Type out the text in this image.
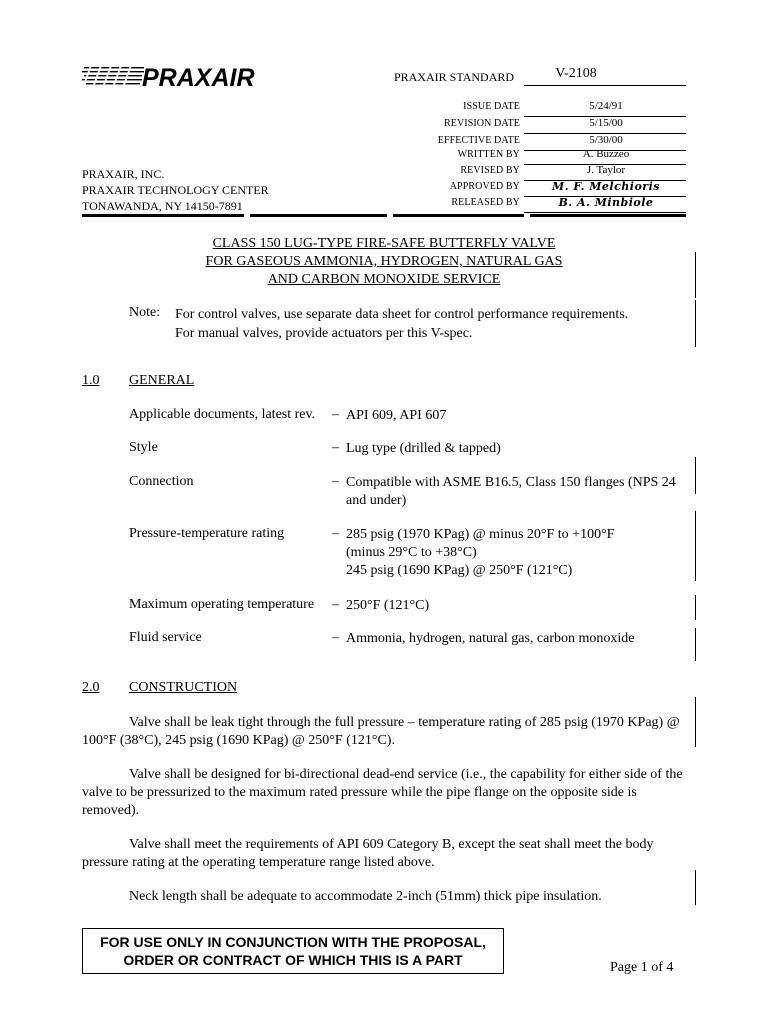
PRAXAIR	PRAXAIR STANDARD	V-2108
ISSUE DATE	5/24/91
REVISION DATE	5/15/00
EFFECTIVE DATE	5/30/00
WRITTEN BY	A. Buzzeo
REVISED BY	J. Taylor
APPROVED BY	M. F. Melchioris
RELEASED BY	B. A. Minbiole
PRAXAIR, INC.
PRAXAIR TECHNOLOGY CENTER
TONAWANDA, NY 14150-7891
CLASS 150 LUG-TYPE FIRE-SAFE BUTTERFLY VALVE
FOR GASEOUS AMMONIA, HYDROGEN, NATURAL GAS
AND CARBON MONOXIDE SERVICE
Note: For control valves, use separate data sheet for control performance requirements.
For manual valves, provide actuators per this V-spec.
1.0 GENERAL
Applicable documents, latest rev. – API 609, API 607
Style	– Lug type (drilled & tapped)
Connection	– Compatible with ASME B16.5, Class 150 flanges (NPS 24 and under)
Pressure-temperature rating	– 285 psig (1970 KPag) @ minus 20°F to +100°F
(minus 29°C to +38°C)
245 psig (1690 KPag) @ 250°F (121°C)
Maximum operating temperature – 250°F (121°C)
Fluid service	– Ammonia, hydrogen, natural gas, carbon monoxide
2.0 CONSTRUCTION
Valve shall be leak tight through the full pressure – temperature rating of 285 psig (1970 KPag) @ 100°F (38°C), 245 psig (1690 KPag) @ 250°F (121°C).
Valve shall be designed for bi-directional dead-end service (i.e., the capability for either side of the valve to be pressurized to the maximum rated pressure while the pipe flange on the opposite side is removed).
Valve shall meet the requirements of API 609 Category B, except the seat shall meet the body pressure rating at the operating temperature range listed above.
Neck length shall be adequate to accommodate 2-inch (51mm) thick pipe insulation.
FOR USE ONLY IN CONJUNCTION WITH THE PROPOSAL,
ORDER OR CONTRACT OF WHICH THIS IS A PART	Page 1 of 4
